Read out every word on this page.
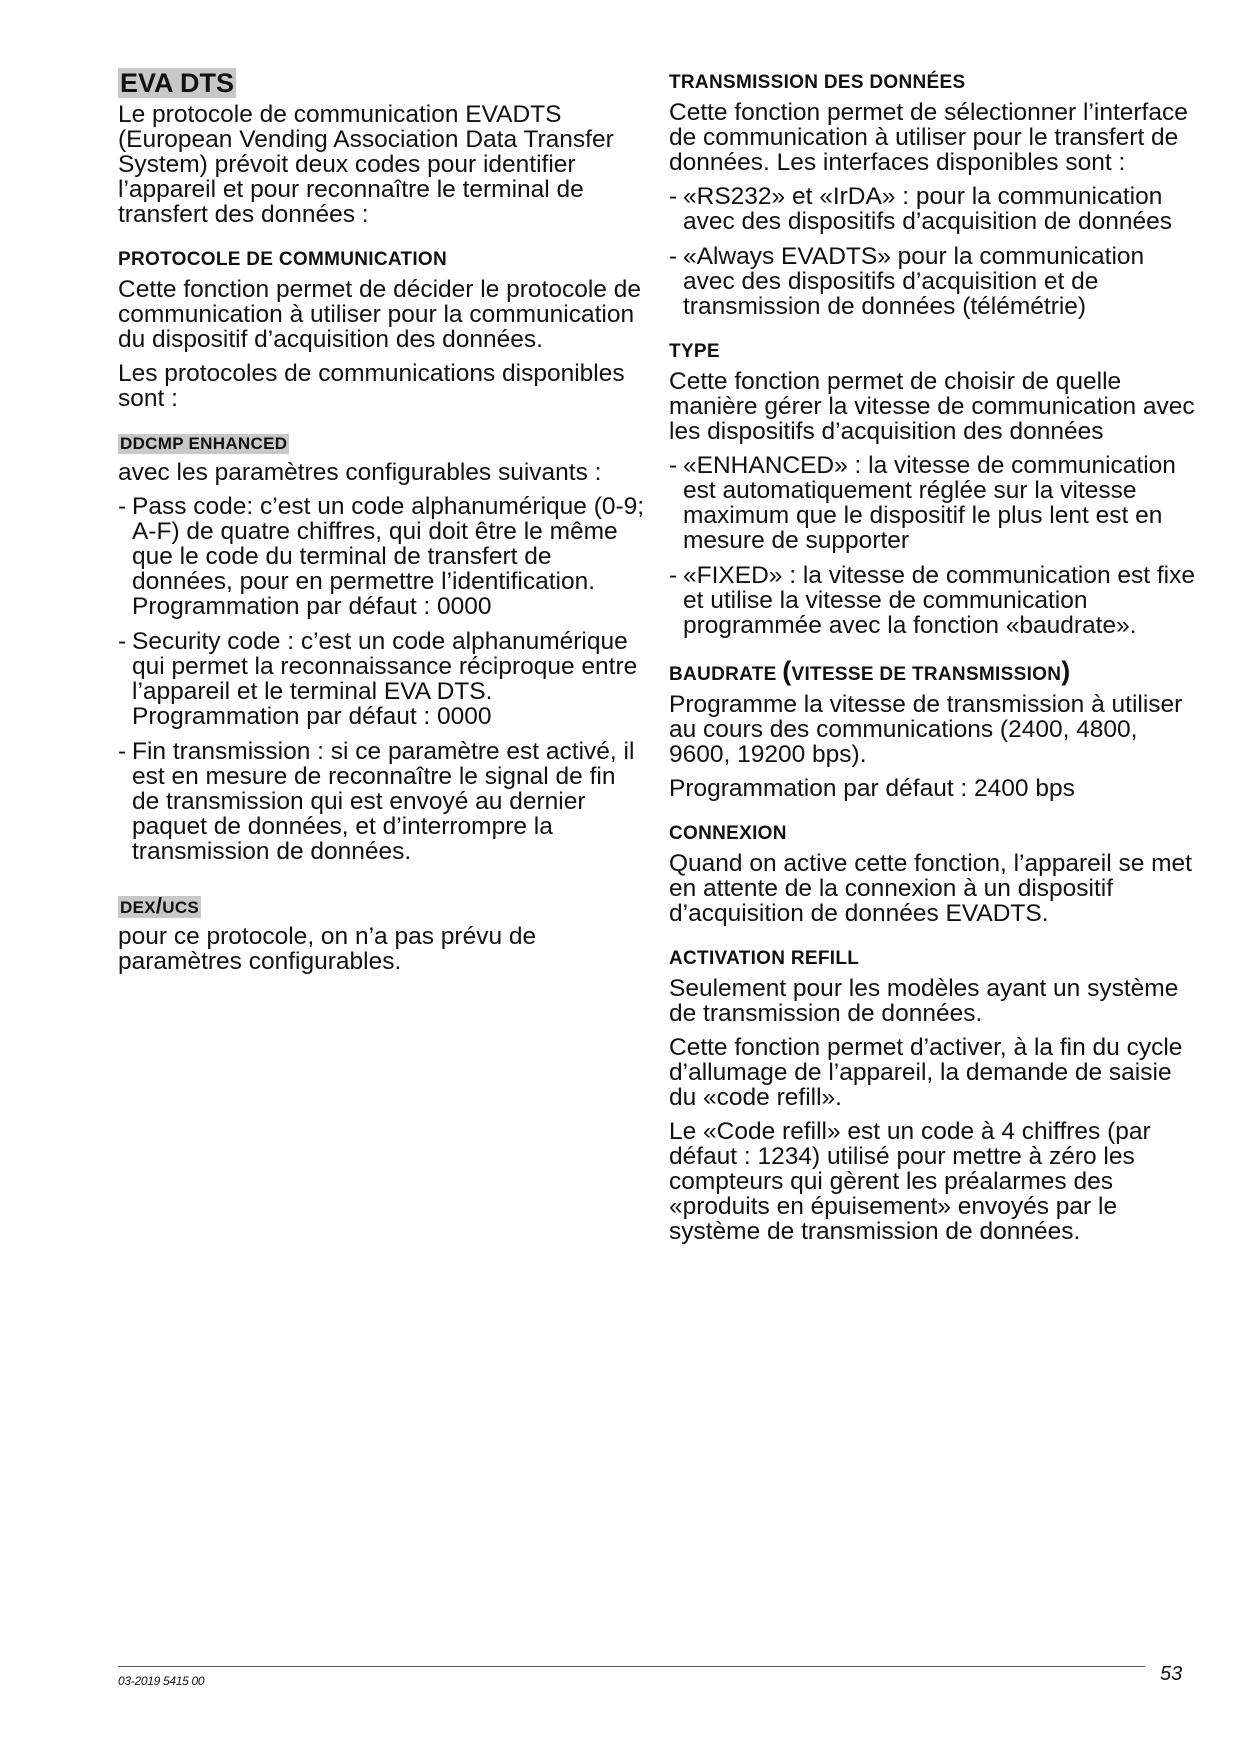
EVA DTS

Le protocole de communication EVADTS (European Vending Association Data Transfer System) prévoit deux codes pour identifier l’appareil et pour reconnaître le terminal de transfert des données :

PROTOCOLE DE COMMUNICATION

Cette fonction permet de décider le protocole de communication à utiliser pour la communication du dispositif d’acquisition des données.

Les protocoles de communications disponibles sont :

DDCMP ENHANCED

avec les paramètres configurables suivants :

- Pass code: c’est un code alphanumérique (0-9; A-F) de quatre chiffres, qui doit être le même que le code du terminal de transfert de données, pour en permettre l’identification.
Programmation par défaut : 0000
- Security code : c’est un code alphanumérique qui permet la reconnaissance réciproque entre l’appareil et le terminal EVA DTS. Programmation par défaut : 0000
- Fin transmission : si ce paramètre est activé, il est en mesure de reconnaître le signal de fin de transmission qui est envoyé au dernier paquet de données, et d’interrompre la transmission de données.
DEX/UCS

pour ce protocole, on n’a pas prévu de paramètres configurables.

TRANSMISSION DES DONNÉES

Cette fonction permet de sélectionner l’interface de communication à utiliser pour le transfert de données. Les interfaces disponibles sont :

- «RS232» et «IrDA» : pour la communication avec des dispositifs d’acquisition de données
- «Always EVADTS» pour la communication avec des dispositifs d’acquisition et de transmission de données (télémétrie)
TYPE

Cette fonction permet de choisir de quelle manière gérer la vitesse de communication avec les dispositifs d’acquisition des données

- «ENHANCED» : la vitesse de communication est automatiquement réglée sur la vitesse maximum que le dispositif le plus lent est en mesure de supporter
- «FIXED» : la vitesse de communication est fixe et utilise la vitesse de communication programmée avec la fonction «baudrate».
BAUDRATE (VITESSE DE TRANSMISSION)

Programme la vitesse de transmission à utiliser au cours des communications (2400, 4800, 9600, 19200 bps).

Programmation par défaut : 2400 bps

CONNEXION

Quand on active cette fonction, l’appareil se met en attente de la connexion à un dispositif d’acquisition de données EVADTS.

ACTIVATION REFILL

Seulement pour les modèles ayant un système de transmission de données.

Cette fonction permet d’activer, à la fin du cycle d’allumage de l’appareil, la demande de saisie du «code refill».

Le «Code refill» est un code à 4 chiffres (par défaut : 1234) utilisé pour mettre à zéro les compteurs qui gèrent les préalarmes des «produits en épuisement» envoyés par le système de transmission de données.

03-2019 5415 00	53
